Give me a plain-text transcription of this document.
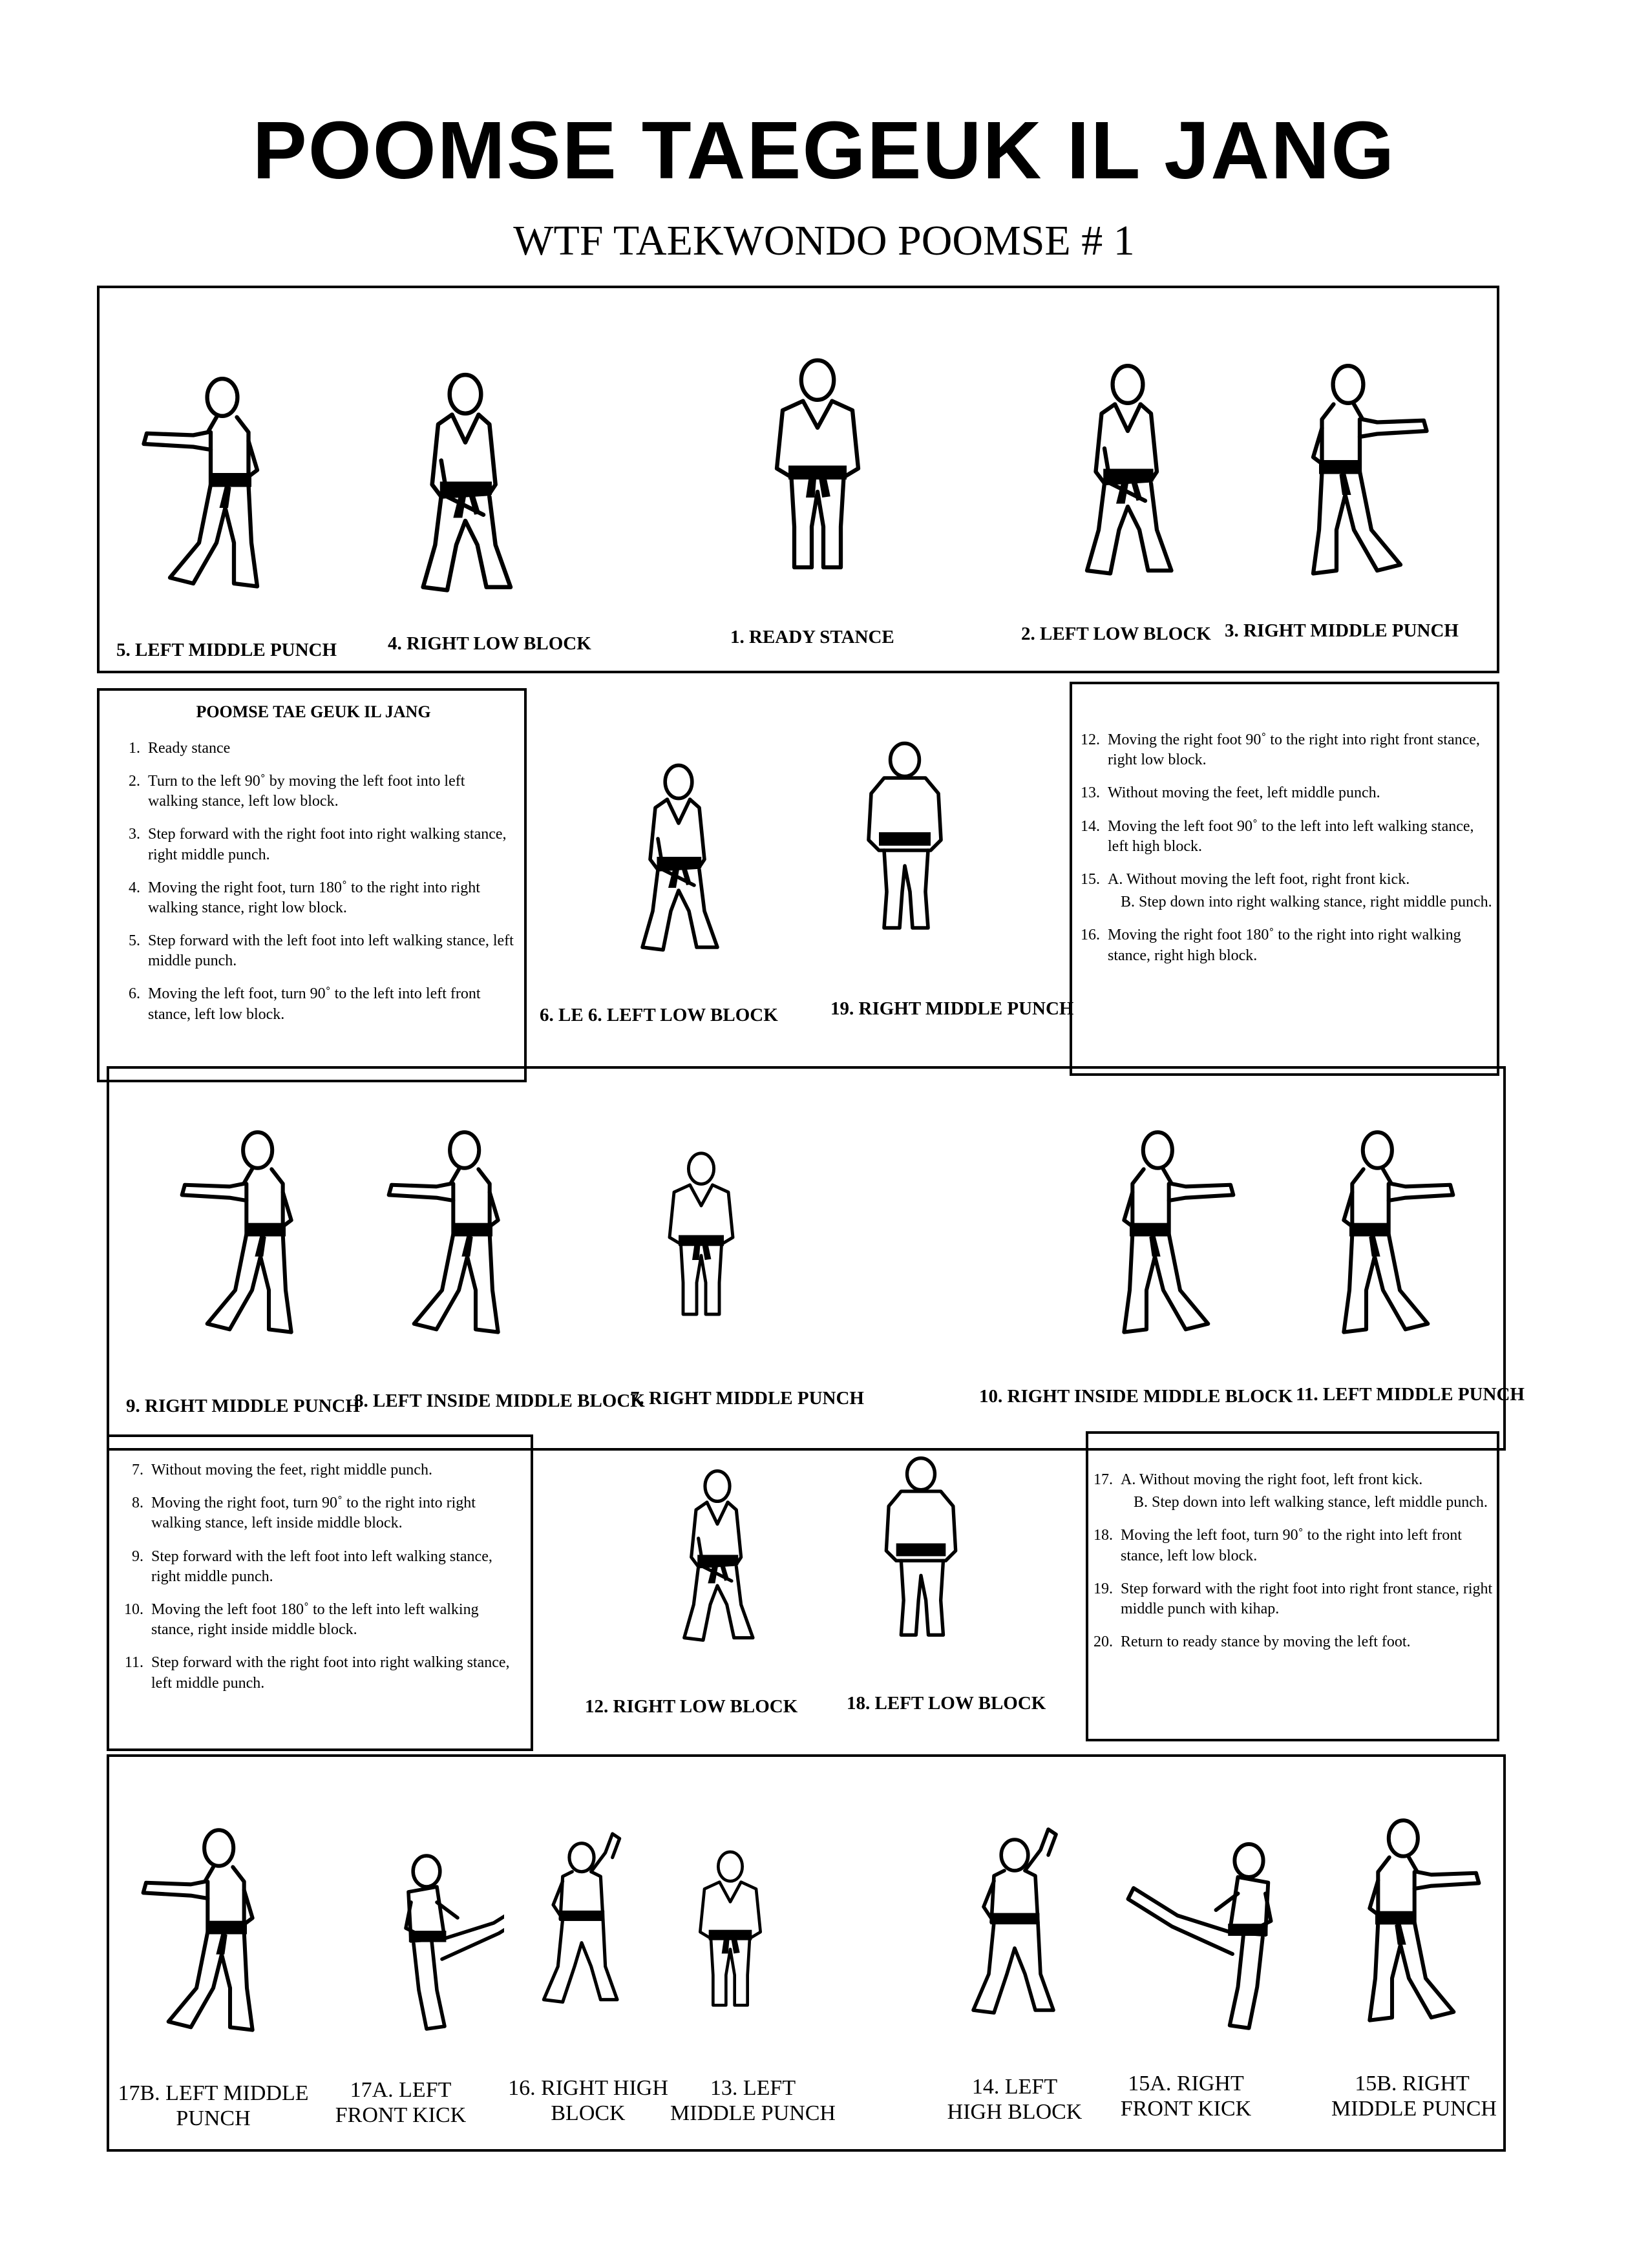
POOMSE TAEGEUK IL JANG
WTF TAEKWONDO POOMSE # 1
5. LEFT MIDDLE PUNCH	4. RIGHT LOW BLOCK	1. READY STANCE	2. LEFT LOW BLOCK 3. RIGHT MIDDLE PUNCH
POOMSE TAE GEUK IL JANG
1. Ready stance
2. Turn to the left 90˚ by moving the left foot into left walking stance, left low block.
3. Step forward with the right foot into right walking stance, right middle punch.
4. Moving the right foot, turn 180˚ to the right into right walking stance, right low block.
5. Step forward with the left foot into left walking stance, left middle punch.
6. Moving the left foot, turn 90˚ to the left into left front stance, left low block.	6. LE 6. LEFT LOW BLOCK	19. RIGHT MIDDLE PUNCH
12. Moving the right foot 90˚ to the right into right front stance, right low block.
13. Without moving the feet, left middle punch.
14. Moving the left foot 90˚ to the left into left walking stance, left high block.
15. A. Without moving the left foot, right front kick.
B. Step down into right walking stance, right middle punch.
16. Moving the right foot 180˚ to the right into right walking stance, right high block.
9. RIGHT MIDDLE PUNCH
8. LEFT INSIDE MIDDLE BLOCK
7. RIGHT MIDDLE PUNCH	10. RIGHT INSIDE MIDDLE BLOCK 11. LEFT MIDDLE PUNCH
7. Without moving the feet, right middle punch.
8. Moving the right foot, turn 90˚ to the right into right walking stance, left inside middle block.
9. Step forward with the left foot into left walking stance, right middle punch.
10. Moving the left foot 180˚ to the left into left walking stance, right inside middle block.
11. Step forward with the right foot into right walking stance, left middle punch.
12. RIGHT LOW BLOCK	18. LEFT LOW BLOCK
17. A. Without moving the right foot, left front kick.
B. Step down into left walking stance, left middle punch.
18. Moving the left foot, turn 90˚ to the right into left front stance, left low block.
19. Step forward with the right foot into right front stance, right middle punch with kihap.
20. Return to ready stance by moving the left foot.
17B. LEFT MIDDLE
PUNCH
17A. LEFT
FRONT KICK
16. RIGHT HIGH
BLOCK
13. LEFT
MIDDLE PUNCH
14. LEFT
HIGH BLOCK
15A. RIGHT
FRONT KICK
15B. RIGHT
MIDDLE PUNCH
